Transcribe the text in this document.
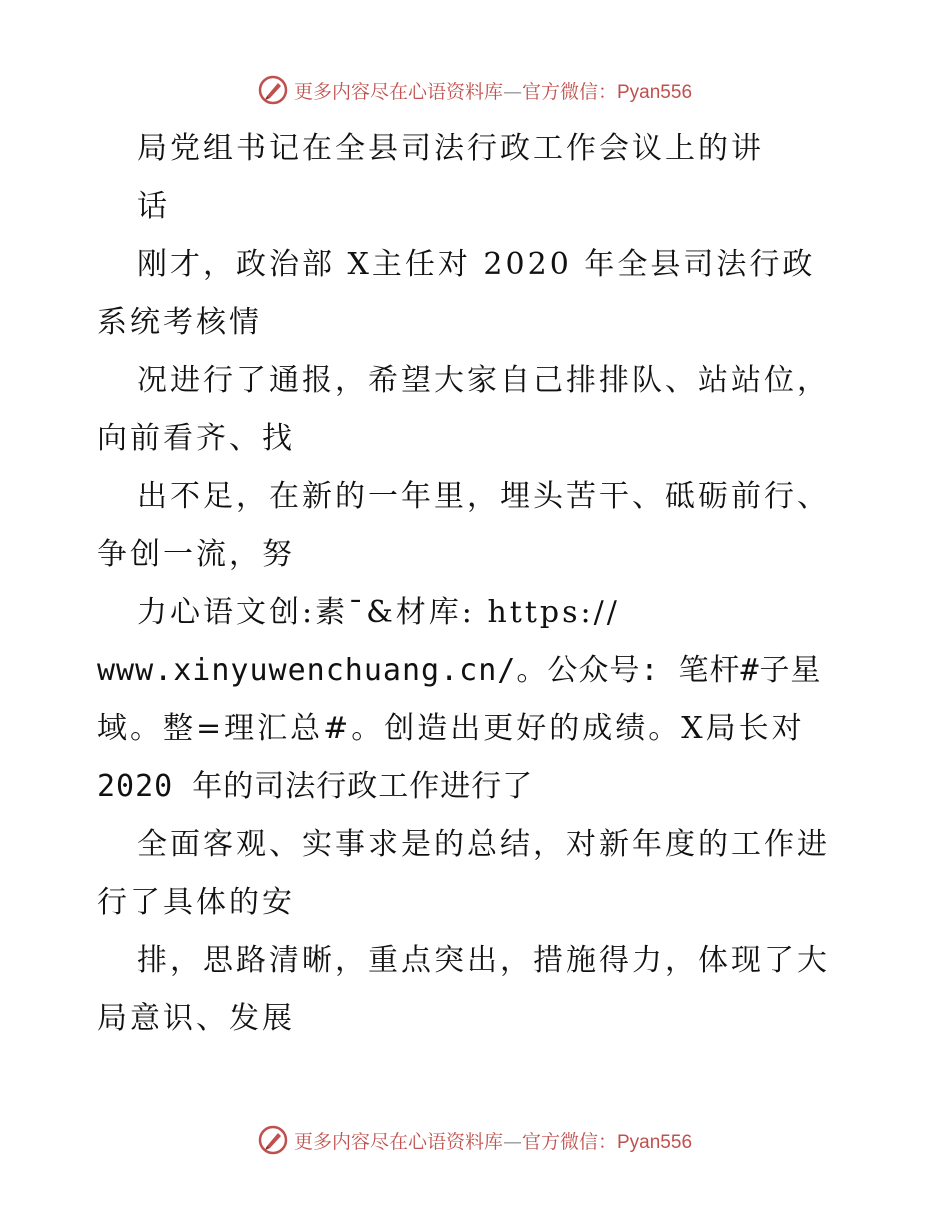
更多内容尽在心语资料库—官方微信：Pyan556
局党组书记在全县司法行政工作会议上的讲
话
刚才，政治部 X主任对 2020 年全县司法行政
系统考核情
况进行了通报，希望大家自己排排队、站站位，
向前看齐、找
出不足，在新的一年里，埋头苦干、砥砺前行、
争创一流，努
力心语文创:素¯&材库: https://
www.xinyuwenchuang.cn/。公众号: 笔杆#子星
域。整=理汇总#。创造出更好的成绩。X局长对
2020 年的司法行政工作进行了
全面客观、实事求是的总结，对新年度的工作进
行了具体的安
排，思路清晰，重点突出，措施得力，体现了大
局意识、发展
更多内容尽在心语资料库—官方微信：Pyan556
